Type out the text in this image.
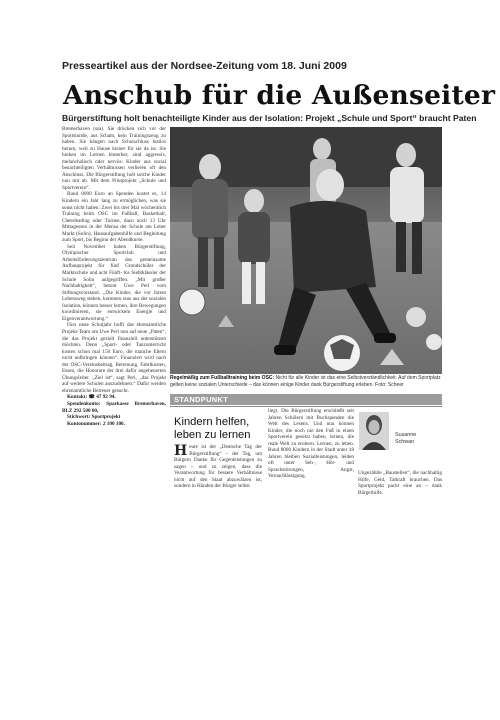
Presseartikel aus der Nordsee-Zeitung vom 18. Juni 2009
Anschub für die Außenseiter
Bürgerstiftung holt benachteiligte Kinder aus der Isolation: Projekt „Schule und Sport“ braucht Paten

Bremerhaven (ssa). Sie drücken sich vor der Sportstunde, aus Scham, kein Trainingszeug zu haben. Sie hängen nach Schulschluss lustlos herum, weil zu Hause keiner für sie da ist. Sie hinken im Lernen hinterher, sind aggressiv, melancholisch oder nervös: Kinder aus sozial benachteiligten Verhältnissen verlieren oft den Anschluss. Die Bürgerstiftung holt solche Kinder nun mit ab. Mit dem Pilotprojekt „Schule und Sportverein“.

Rund 8000 Euro an Spenden kostet es, 14 Kindern ein Jahr lang zu ermöglichen, was sie sonst nicht haben: Zwei bis drei Mal wöchentlich Training beim OSC im Fußball, Basketball, Cheerleading oder Turnen, dazu noch 13 Uhr Mittagessen in der Mensa der Schule am Leher Markt (Solin), Hausaufgabenhilfe und Begleitung zum Sport, bis Beginn der Abendkurse.

Seit November haben Bürgerstiftung, Olympischer Sportclub und Arbeitsförderungszentrum das gemeinsame Aufbauprojekt für fünf Grundschüler der Marktschule und acht Fünft- bis Siebtklässler der Schule Solin aufgegriffen. „Mit großer Nachhaltigkeit“, betont Uwe Perl vom Stiftungsvorstand. „Die Kinder, die vor ihrem Lebensweg stehen, kommen raus aus der sozialen Isolation, können besser lernen, ihre Bewegungen koordinieren, sie entwickeln Energie und Eigenverantwortung.“

Fürs neue Schuljahr hofft das ehrenamtliche Projekt-Team um Uwe Perl nun auf neue „Paten“, die das Projekt gezielt finanziell unterstützen möchten. Denn „Sport- oder Tanzunterricht kosten schon mal 150 Euro, die manche Eltern nicht aufbringen können“. Finanziert wird nach der OSC-Vereinsbeitrag, Betreuung, Fahrtkosten, Essen, die Honorare der drei dafür angeheuerten Übungsleiter. „Ziel ist“, sagt Perl, „das Projekt auf weitere Schulen auszudehnen.“ Dafür werden ehrenamtliche Betreuer gesucht.

Kontakt: ☎ 47 92 94.

Spendenkonto: Sparkasse Bremerhaven, BLZ 292 500 00,

Stichwort: Sportprojekt

Kontonummer: 2 100 100.

Regelmäßig zum Fußballtraining beim OSC: Nicht für alle Kinder ist das eine Selbstverständlichkeit. Auf dem Sportplatz gelten keine sozialen Unterschiede – das können einige Kinder dank Bürgerstiftung erleben. Foto: Scheer
STANDPUNKT
Kindern helfen, leben zu lernen
Heute ist der „Deutsche Tag der Bürgerstiftung“ – der Tag, um Bürgern Danke für Gegenleistungen zu sagen – und zu zeigen, dass die Verantwortung für bessere Verhältnisse nicht auf den Staat abzuwälzen ist, sondern in Händen der Bürger selbst
liegt. Die Bürgerstiftung erschließt seit Jahren Schülern mit Buchspenden die Welt des Lesens. Und nun können Kinder, die noch nie den Fuß in einen Sportverein gesetzt haben, lernen, die reale Welt zu erobern. Lernen, zu leben. Rund 8000 Kindern in der Stadt unter 18 Jahren bleiben Sozialleistungen, leiden oft unter Seh-, Hör- und Sprachstörungen, Angst, Vernachlässigung.
Susanne
Schwan
Ungezählte „Baustellen“, die nachhaltig Hilfe, Geld, Tatkraft brauchen. Das Sportprojekt packt eine an – dank Bürgerhilfe.
